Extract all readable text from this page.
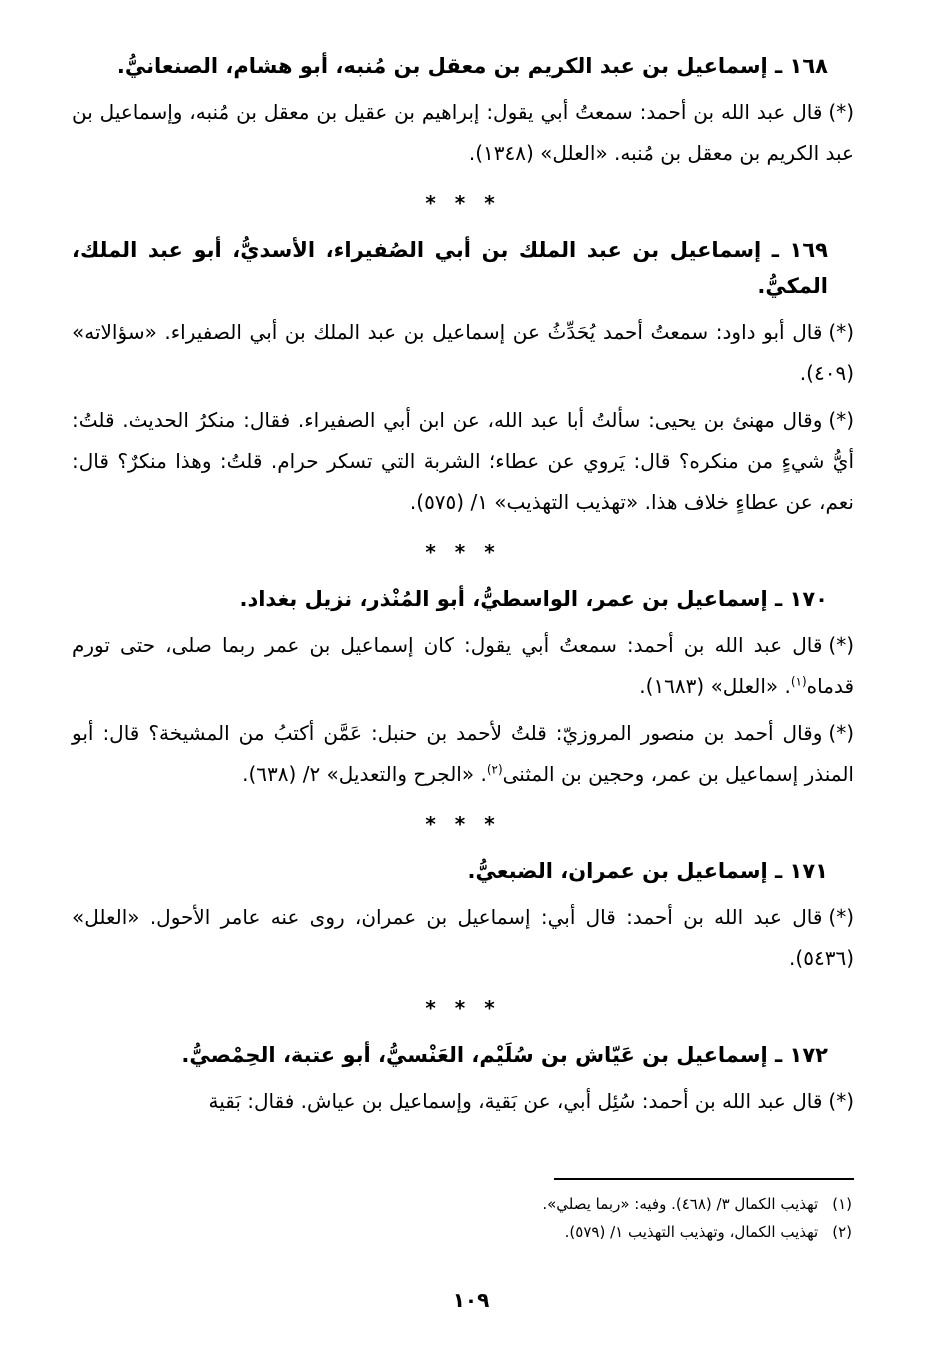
١٦٨ ـ إسماعيل بن عبد الكريم بن معقل بن مُنبه، أبو هشام، الصنعانيُّ.

(*)قال عبد الله بن أحمد: سمعتُ أبي يقول: إبراهيم بن عقيل بن معقل بن مُنبه، وإسماعيل بن عبد الكريم بن معقل بن مُنبه. «العلل» (١٣٤٨).

* * *

١٦٩ ـ إسماعيل بن عبد الملك بن أبي الصُفيراء، الأسديُّ، أبو عبد الملك، المكيُّ.

(*)قال أبو داود: سمعتُ أحمد يُحَدِّثُ عن إسماعيل بن عبد الملك بن أبي الصفيراء. «سؤالاته» (٤٠٩).

(*)وقال مهنئ بن يحيى: سألتُ أبا عبد الله، عن ابن أبي الصفيراء. فقال: منكرُ الحديث. قلتُ: أيُّ شيءٍ من منكره؟ قال: يَروي عن عطاء؛ الشربة التي تسكر حرام. قلتُ: وهذا منكرٌ؟ قال: نعم، عن عطاءٍ خلاف هذا. «تهذيب التهذيب» ١/ (٥٧٥).

* * *

١٧٠ ـ إسماعيل بن عمر، الواسطيُّ، أبو المُنْذر، نزيل بغداد.

(*)قال عبد الله بن أحمد: سمعتُ أبي يقول: كان إسماعيل بن عمر ربما صلى، حتى تورم قدماه$^{(١)}$. «العلل» (١٦٨٣).

(*)وقال أحمد بن منصور المروزيّ: قلتُ لأحمد بن حنبل: عَمَّن أكتبُ من المشيخة؟ قال: أبو المنذر إسماعيل بن عمر، وحجين بن المثنى$^{(٢)}$. «الجرح والتعديل» ٢/ (٦٣٨).

* * *

١٧١ ـ إسماعيل بن عمران، الضبعيُّ.

(*)قال عبد الله بن أحمد: قال أبي: إسماعيل بن عمران، روى عنه عامر الأحول. «العلل» (٥٤٣٦).

* * *

١٧٢ ـ إسماعيل بن عَيّاش بن سُلَيْم، العَنْسيُّ، أبو عتبة، الحِمْصيُّ.

(*)قال عبد الله بن أحمد: سُئِل أبي، عن بَقية، وإسماعيل بن عياش. فقال: بَقية

(١)تهذيب الكمال ٣/ (٤٦٨). وفيه: «ربما يصلي».

(٢)تهذيب الكمال، وتهذيب التهذيب ١/ (٥٧٩).

١٠٩
